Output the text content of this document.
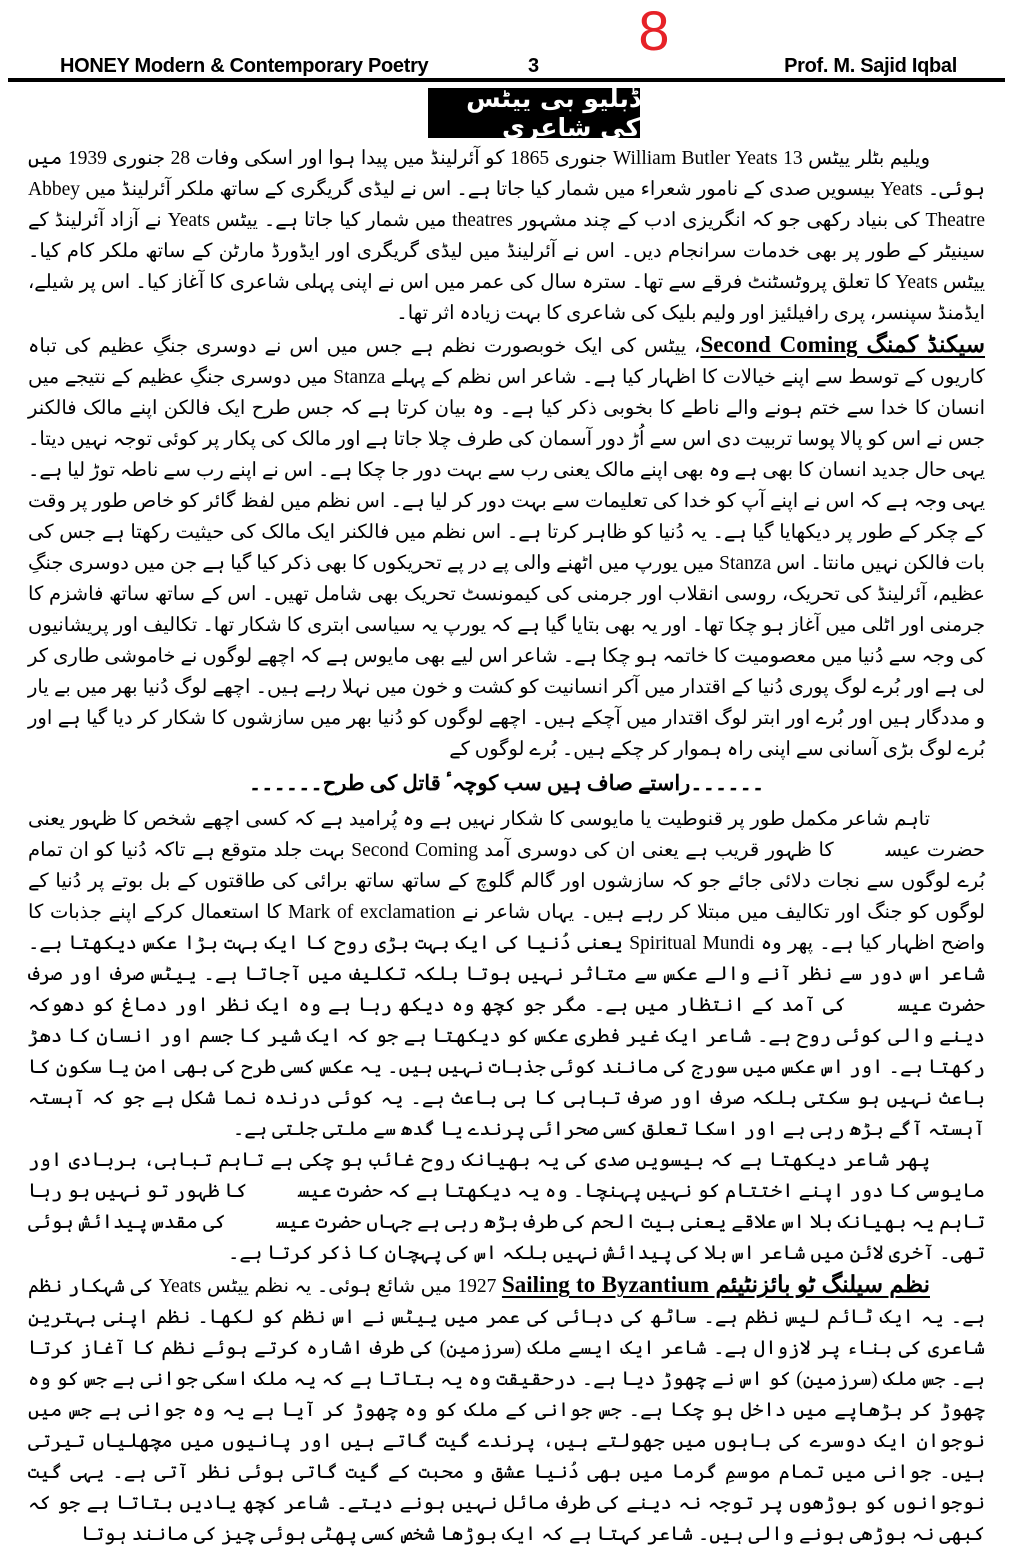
8
HONEY Modern & Contemporary Poetry	3	Prof. M. Sajid Iqbal
ڈبلیو بی ییٹس کی شاعری
ویلیم بٹلر ییٹس William Butler Yeats 13 جنوری 1865 کو آئرلینڈ میں پیدا ہوا اور اسکی وفات 28 جنوری 1939 میں ہوئی۔ Yeats بیسویں صدی کے نامور شعراء میں شمار کیا جاتا ہے۔ اس نے لیڈی گریگری کے ساتھ ملکر آئرلینڈ میں Abbey Theatre کی بنیاد رکھی جو کہ انگریزی ادب کے چند مشہور theatres میں شمار کیا جاتا ہے۔ ییٹس Yeats نے آزاد آئرلینڈ کے سینیٹر کے طور پر بھی خدمات سرانجام دیں۔ اس نے آئرلینڈ میں لیڈی گریگری اور ایڈورڈ مارٹن کے ساتھ ملکر کام کیا۔ ییٹس Yeats کا تعلق پروٹسٹنٹ فرقے سے تھا۔ سترہ سال کی عمر میں اس نے اپنی پہلی شاعری کا آغاز کیا۔ اس پر شیلے، ایڈمنڈ سپنسر، پری رافیلئیز اور ولیم بلیک کی شاعری کا بہت زیادہ اثر تھا۔
سیکنڈ کمنگ Second Coming، ییٹس کی ایک خوبصورت نظم ہے جس میں اس نے دوسری جنگِ عظیم کی تباہ کاریوں کے توسط سے اپنے خیالات کا اظہار کیا ہے۔ شاعر اس نظم کے پہلے Stanza میں دوسری جنگِ عظیم کے نتیجے میں انسان کا خدا سے ختم ہونے والے ناطے کا بخوبی ذکر کیا ہے۔ وہ بیان کرتا ہے کہ جس طرح ایک فالکن اپنے مالک فالکنر جس نے اس کو پالا پوسا تربیت دی اس سے اُڑ دور آسمان کی طرف چلا جاتا ہے اور مالک کی پکار پر کوئی توجہ نہیں دیتا۔ یہی حال جدید انسان کا بھی ہے وہ بھی اپنے مالک یعنی رب سے بہت دور جا چکا ہے۔ اس نے اپنے رب سے ناطہ توڑ لیا ہے۔ یہی وجہ ہے کہ اس نے اپنے آپ کو خدا کی تعلیمات سے بہت دور کر لیا ہے۔ اس نظم میں لفظ گائر کو خاص طور پر وقت کے چکر کے طور پر دیکھایا گیا ہے۔ یہ دُنیا کو ظاہر کرتا ہے۔ اس نظم میں فالکنر ایک مالک کی حیثیت رکھتا ہے جس کی بات فالکن نہیں مانتا۔ اس Stanza میں یورپ میں اٹھنے والی پے در پے تحریکوں کا بھی ذکر کیا گیا ہے جن میں دوسری جنگِ عظیم، آئرلینڈ کی تحریک، روسی انقلاب اور جرمنی کی کیمونسٹ تحریک بھی شامل تھیں۔ اس کے ساتھ ساتھ فاشزم کا جرمنی اور اٹلی میں آغاز ہو چکا تھا۔ اور یہ بھی بتایا گیا ہے کہ یورپ یہ سیاسی ابتری کا شکار تھا۔ تکالیف اور پریشانیوں کی وجہ سے دُنیا میں معصومیت کا خاتمہ ہو چکا ہے۔ شاعر اس لیے بھی مایوس ہے کہ اچھے لوگوں نے خاموشی طاری کر لی ہے اور بُرے لوگ پوری دُنیا کے اقتدار میں آکر انسانیت کو کشت و خون میں نہلا رہے ہیں۔ اچھے لوگ دُنیا بھر میں بے یار و مددگار ہیں اور بُرے اور ابتر لوگ اقتدار میں آچکے ہیں۔ اچھے لوگوں کو دُنیا بھر میں سازشوں کا شکار کر دیا گیا ہے اور بُرے لوگ بڑی آسانی سے اپنی راہ ہموار کر چکے ہیں۔ بُرے لوگوں کے
۔۔۔۔۔۔راستے صاف ہیں سب کوچہٴ قاتل کی طرح۔۔۔۔۔۔
تاہم شاعر مکمل طور پر قنوطیت یا مایوسی کا شکار نہیں ہے وہ پُرامید ہے کہ کسی اچھے شخص کا ظہور یعنی حضرت عیسیٰؑ کا ظہور قریب ہے یعنی ان کی دوسری آمد Second Coming بہت جلد متوقع ہے تاکہ دُنیا کو ان تمام بُرے لوگوں سے نجات دلائی جائے جو کہ سازشوں اور گالم گلوچ کے ساتھ ساتھ برائی کی طاقتوں کے بل بوتے پر دُنیا کے لوگوں کو جنگ اور تکالیف میں مبتلا کر رہے ہیں۔ یہاں شاعر نے Mark of exclamation کا استعمال کرکے اپنے جذبات کا واضح اظہار کیا ہے۔ پھر وہ Spiritual Mundi یعنی دُنیا کی ایک بہت بڑی روح کا ایک بہت بڑا عکس دیکھتا ہے۔ شاعر اس دور سے نظر آنے والے عکس سے متاثر نہیں ہوتا بلکہ تکلیف میں آجاتا ہے۔ ییٹس صرف اور صرف حضرت عیسیٰؑ کی آمد کے انتظار میں ہے۔ مگر جو کچھ وہ دیکھ رہا ہے وہ ایک نظر اور دماغ کو دھوکہ دینے والی کوئی روح ہے۔ شاعر ایک غیر فطری عکس کو دیکھتا ہے جو کہ ایک شیر کا جسم اور انسان کا دھڑ رکھتا ہے۔ اور اس عکس میں سورج کی مانند کوئی جذبات نہیں ہیں۔ یہ عکس کسی طرح کی بھی امن یا سکون کا باعث نہیں ہو سکتی بلکہ صرف اور صرف تباہی کا ہی باعث ہے۔ یہ کوئی درندہ نما شکل ہے جو کہ آہستہ آہستہ آگے بڑھ رہی ہے اور اسکا تعلق کسی صحرائی پرندے یا گدھ سے ملتی جلتی ہے۔
پھر شاعر دیکھتا ہے کہ بیسویں صدی کی یہ بھیانک روح غائب ہو چکی ہے تاہم تباہی، بربادی اور مایوسی کا دور اپنے اختتام کو نہیں پہنچا۔ وہ یہ دیکھتا ہے کہ حضرت عیسیٰؑ کا ظہور تو نہیں ہو رہا تاہم یہ بھیانک بلا اس علاقے یعنی بیت الحم کی طرف بڑھ رہی ہے جہاں حضرت عیسیٰؑ کی مقدس پیدائش ہوئی تھی۔ آخری لائن میں شاعر اس بلا کی پیدائش نہیں بلکہ اس کی پہچان کا ذکر کرتا ہے۔
نظم سیلنگ ٹو بائزنٹیئم Sailing to Byzantium 1927 میں شائع ہوئی۔ یہ نظم ییٹس Yeats کی شہکار نظم ہے۔ یہ ایک ٹائم لیس نظم ہے۔ ساٹھ کی دہائی کی عمر میں ییٹس نے اس نظم کو لکھا۔ نظم اپنی بہترین شاعری کی بناء پر لازوال ہے۔ شاعر ایک ایسے ملک (سرزمین) کی طرف اشارہ کرتے ہوئے نظم کا آغاز کرتا ہے۔ جس ملک (سرزمین) کو اس نے چھوڑ دیا ہے۔ درحقیقت وہ یہ بتاتا ہے کہ یہ ملک اسکی جوانی ہے جس کو وہ چھوڑ کر بڑھاپے میں داخل ہو چکا ہے۔ جس جوانی کے ملک کو وہ چھوڑ کر آیا ہے یہ وہ جوانی ہے جس میں نوجوان ایک دوسرے کی باہوں میں جھولتے ہیں، پرندے گیت گاتے ہیں اور پانیوں میں مچھلیاں تیرتی ہیں۔ جوانی میں تمام موسمِ گرما میں بھی دُنیا عشق و محبت کے گیت گاتی ہوئی نظر آتی ہے۔ یہی گیت نوجوانوں کو بوڑھوں پر توجہ نہ دینے کی طرف مائل نہیں ہونے دیتے۔ شاعر کچھ یادیں بتاتا ہے جو کہ کبھی نہ بوڑھی ہونے والی ہیں۔ شاعر کہتا ہے کہ ایک بوڑھا شخص کسی پھٹی ہوئی چیز کی مانند ہوتا
